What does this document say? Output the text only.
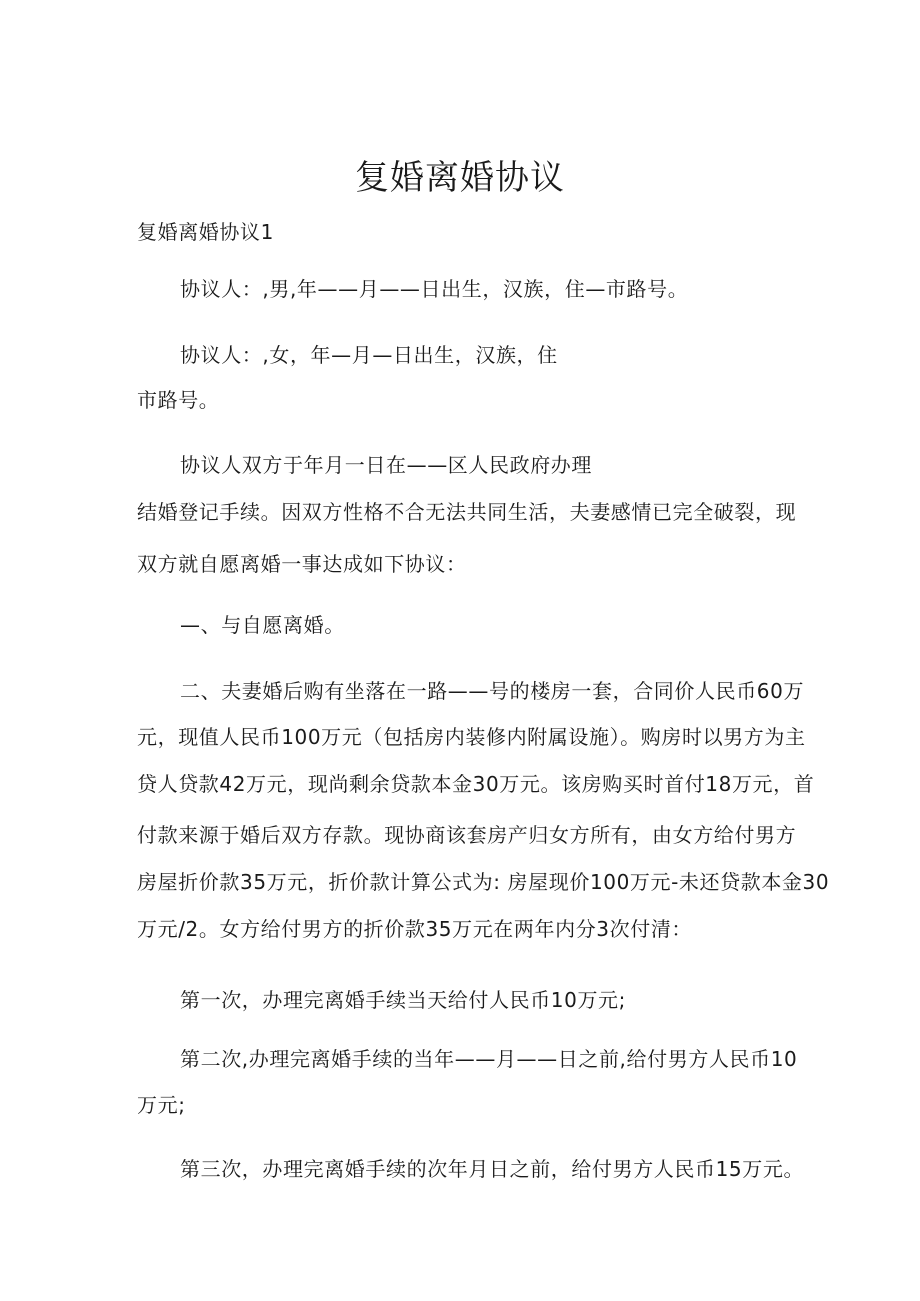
复婚离婚协议
复婚离婚协议1
协议人：,男,年——月——日出生，汉族，住—市路号。
协议人：,女，年—月—日出生，汉族，住
市路号。
协议人双方于年月一日在——区人民政府办理
结婚登记手续。因双方性格不合无法共同生活，夫妻感情已完全破裂，现
双方就自愿离婚一事达成如下协议：
—、与自愿离婚。
二、夫妻婚后购有坐落在一路——号的楼房一套，合同价人民币60万
元，现值人民币100万元（包括房内装修内附属设施）。购房时以男方为主
贷人贷款42万元，现尚剩余贷款本金30万元。该房购买时首付18万元，首
付款来源于婚后双方存款。现协商该套房产归女方所有，由女方给付男方
房屋折价款35万元，折价款计算公式为: 房屋现价100万元-未还贷款本金30
万元/2。女方给付男方的折价款35万元在两年内分3次付清：
第一次，办理完离婚手续当天给付人民币10万元;
第二次,办理完离婚手续的当年——月——日之前,给付男方人民币10
万元;
第三次，办理完离婚手续的次年月日之前，给付男方人民币15万元。
